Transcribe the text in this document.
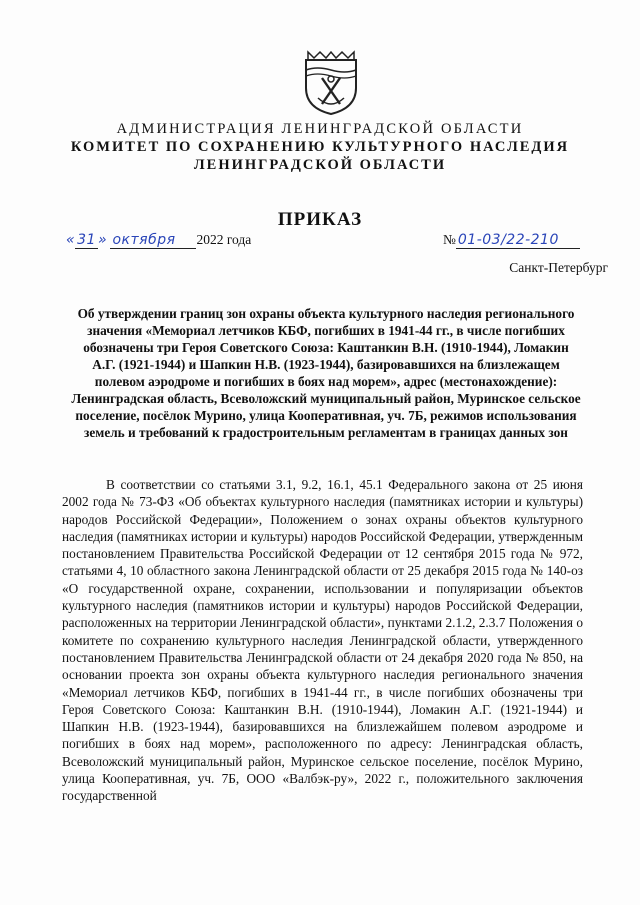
АДМИНИСТРАЦИЯ ЛЕНИНГРАДСКОЙ ОБЛАСТИ
КОМИТЕТ ПО СОХРАНЕНИЮ КУЛЬТУРНОГО НАСЛЕДИЯ
ЛЕНИНГРАДСКОЙ ОБЛАСТИ
ПРИКАЗ
« 31 » октября 2022 года	№ 01-03/22-210
Санкт-Петербург
Об утверждении границ зон охраны объекта культурного наследия регионального значения «Мемориал летчиков КБФ, погибших в 1941-44 гг., в числе погибших обозначены три Героя Советского Союза: Каштанкин В.Н. (1910-1944), Ломакин А.Г. (1921-1944) и Шапкин Н.В. (1923-1944), базировавшихся на близлежащем полевом аэродроме и погибших в боях над морем», адрес (местонахождение): Ленинградская область, Всеволожский муниципальный район, Муринское сельское поселение, посёлок Мурино, улица Кооперативная, уч. 7Б, режимов использования земель и требований к градостроительным регламентам в границах данных зон

В соответствии со статьями 3.1, 9.2, 16.1, 45.1 Федерального закона от 25 июня 2002 года № 73-ФЗ «Об объектах культурного наследия (памятниках истории и культуры) народов Российской Федерации», Положением о зонах охраны объектов культурного наследия (памятниках истории и культуры) народов Российской Федерации, утвержденным постановлением Правительства Российской Федерации от 12 сентября 2015 года № 972, статьями 4, 10 областного закона Ленинградской области от 25 декабря 2015 года № 140-оз «О государственной охране, сохранении, использовании и популяризации объектов культурного наследия (памятников истории и культуры) народов Российской Федерации, расположенных на территории Ленинградской области», пунктами 2.1.2, 2.3.7 Положения о комитете по сохранению культурного наследия Ленинградской области, утвержденного постановлением Правительства Ленинградской области от 24 декабря 2020 года № 850, на основании проекта зон охраны объекта культурного наследия регионального значения «Мемориал летчиков КБФ, погибших в 1941-44 гг., в числе погибших обозначены три Героя Советского Союза: Каштанкин В.Н. (1910-1944), Ломакин А.Г. (1921-1944) и Шапкин Н.В. (1923-1944), базировавшихся на близлежайшем полевом аэродроме и погибших в боях над морем», расположенного по адресу: Ленинградская область, Всеволожский муниципальный район, Муринское сельское поселение, посёлок Мурино, улица Кооперативная, уч. 7Б, ООО «Валбэк-ру», 2022 г., положительного заключения государственной
